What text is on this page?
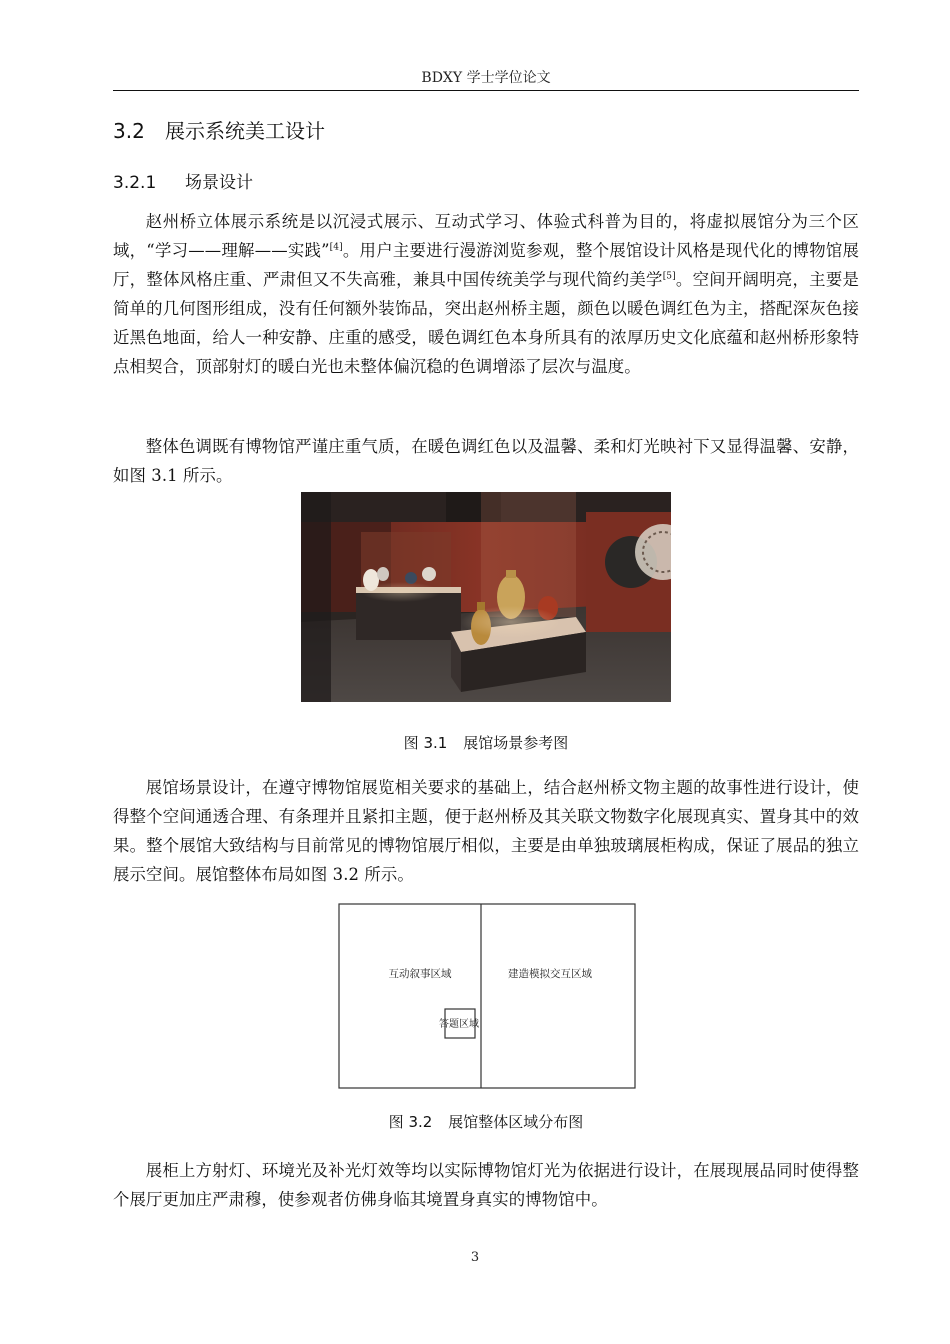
BDXY 学士学位论文
3.2 展示系统美工设计
3.2.1 场景设计

赵州桥立体展示系统是以沉浸式展示、互动式学习、体验式科普为目的，将虚拟展馆分为三个区域，“学习——理解——实践”[4]。用户主要进行漫游浏览参观，整个展馆设计风格是现代化的博物馆展厅，整体风格庄重、严肃但又不失高雅，兼具中国传统美学与现代简约美学[5]。空间开阔明亮，主要是简单的几何图形组成，没有任何额外装饰品，突出赵州桥主题，颜色以暖色调红色为主，搭配深灰色接近黑色地面，给人一种安静、庄重的感受，暖色调红色本身所具有的浓厚历史文化底蕴和赵州桥形象特点相契合，顶部射灯的暖白光也未整体偏沉稳的色调增添了层次与温度。

整体色调既有博物馆严谨庄重气质，在暖色调红色以及温馨、柔和灯光映衬下又显得温馨、安静，如图 3.1 所示。

图 3.1 展馆场景参考图

展馆场景设计，在遵守博物馆展览相关要求的基础上，结合赵州桥文物主题的故事性进行设计，使得整个空间通透合理、有条理并且紧扣主题，便于赵州桥及其关联文物数字化展现真实、置身其中的效果。整个展馆大致结构与目前常见的博物馆展厅相似，主要是由单独玻璃展柜构成，保证了展品的独立展示空间。展馆整体布局如图 3.2 所示。

互动叙事区域	建造模拟交互区域
答题区域
图 3.2 展馆整体区域分布图

展柜上方射灯、环境光及补光灯效等均以实际博物馆灯光为依据进行设计，在展现展品同时使得整个展厅更加庄严肃穆，使参观者仿佛身临其境置身真实的博物馆中。

3
